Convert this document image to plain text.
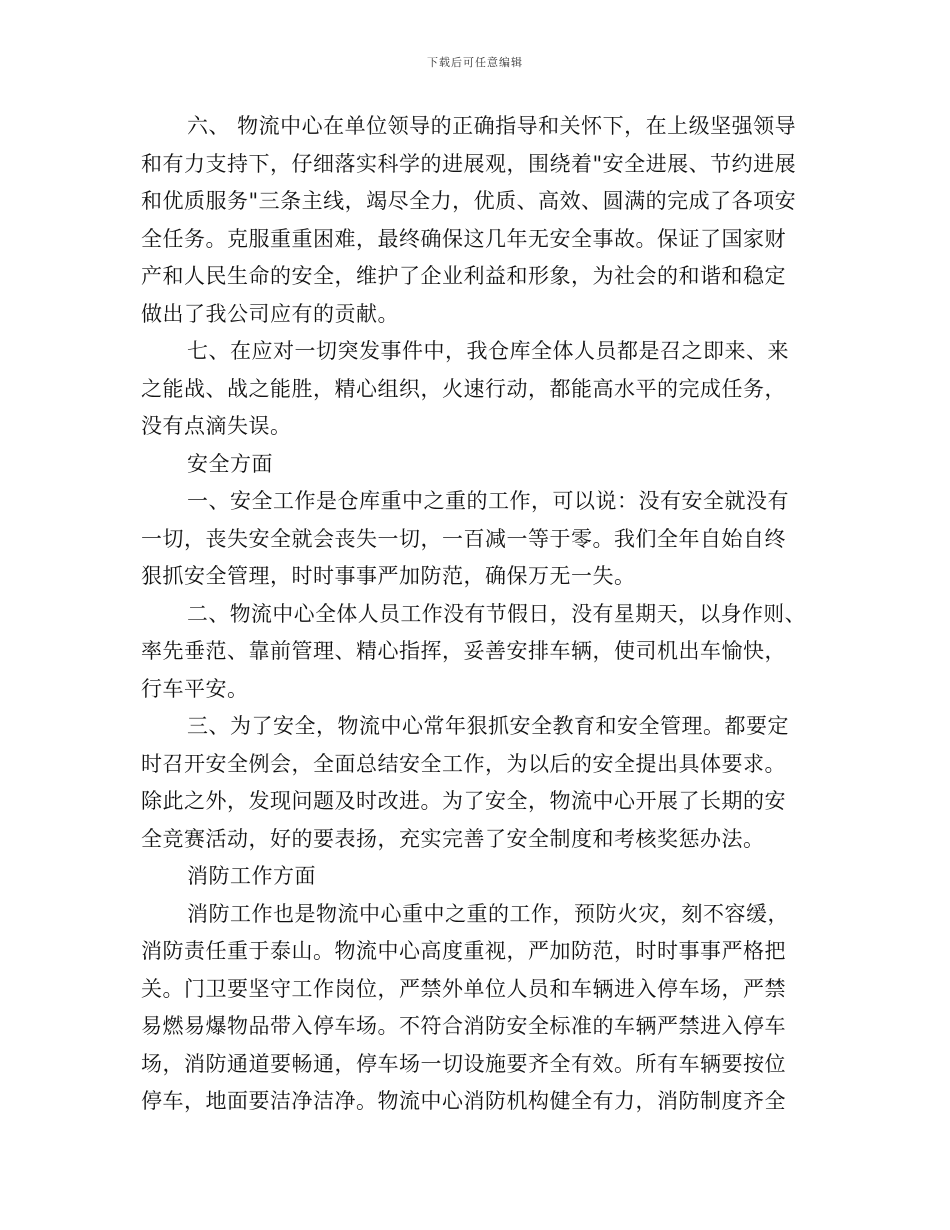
下载后可任意编辑
六、 物流中心在单位领导的正确指导和关怀下，在上级坚强领导
和有力支持下，仔细落实科学的进展观，围绕着"安全进展、节约进展
和优质服务"三条主线，竭尽全力，优质、高效、圆满的完成了各项安
全任务。克服重重困难，最终确保这几年无安全事故。保证了国家财
产和人民生命的安全，维护了企业利益和形象，为社会的和谐和稳定
做出了我公司应有的贡献。
七、在应对一切突发事件中，我仓库全体人员都是召之即来、来
之能战、战之能胜，精心组织，火速行动，都能高水平的完成任务，
没有点滴失误。
安全方面
一、安全工作是仓库重中之重的工作，可以说：没有安全就没有
一切，丧失安全就会丧失一切，一百减一等于零。我们全年自始自终
狠抓安全管理，时时事事严加防范，确保万无一失。
二、物流中心全体人员工作没有节假日，没有星期天，以身作则、
率先垂范、靠前管理、精心指挥，妥善安排车辆，使司机出车愉快，
行车平安。
三、为了安全，物流中心常年狠抓安全教育和安全管理。都要定
时召开安全例会，全面总结安全工作，为以后的安全提出具体要求。
除此之外，发现问题及时改进。为了安全，物流中心开展了长期的安
全竞赛活动，好的要表扬，充实完善了安全制度和考核奖惩办法。
消防工作方面
消防工作也是物流中心重中之重的工作，预防火灾，刻不容缓，
消防责任重于泰山。物流中心高度重视，严加防范，时时事事严格把
关。门卫要坚守工作岗位，严禁外单位人员和车辆进入停车场，严禁
易燃易爆物品带入停车场。不符合消防安全标准的车辆严禁进入停车
场，消防通道要畅通，停车场一切设施要齐全有效。所有车辆要按位
停车，地面要洁净洁净。物流中心消防机构健全有力，消防制度齐全
